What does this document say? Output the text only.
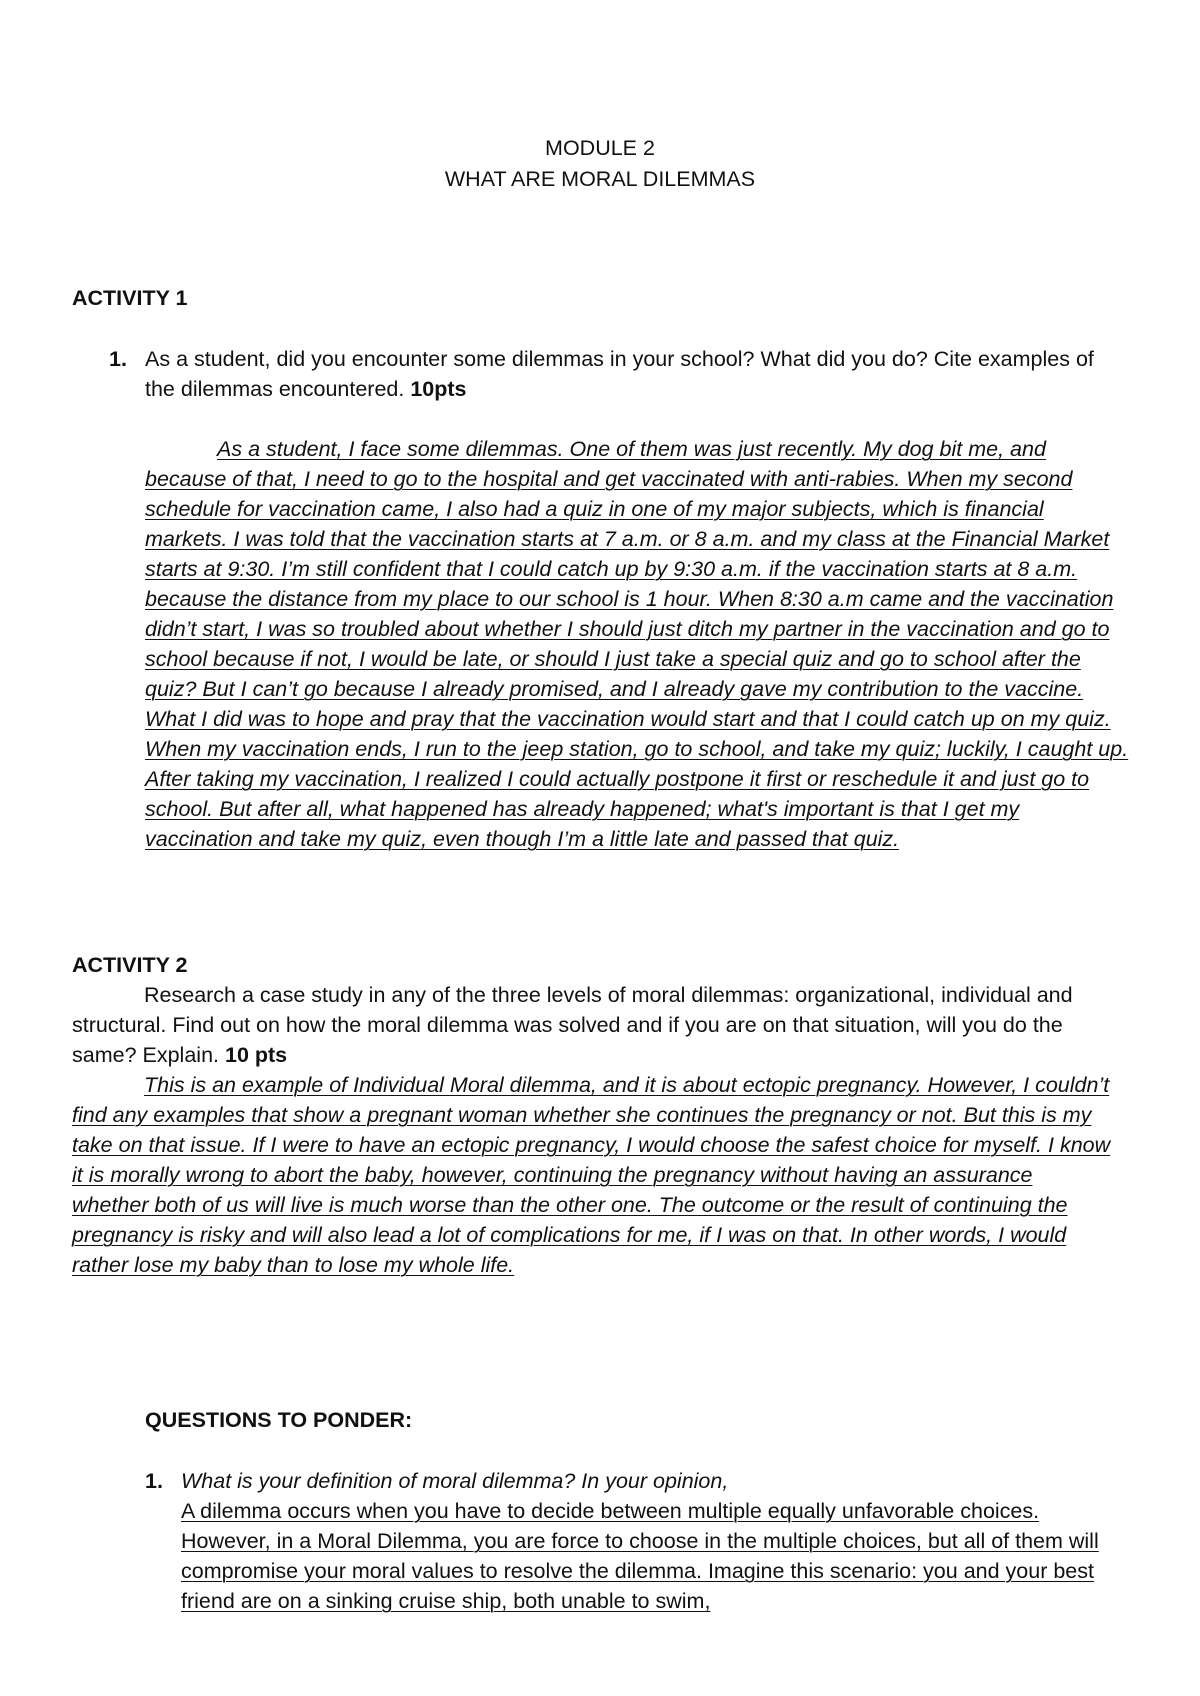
MODULE 2
WHAT ARE MORAL DILEMMAS
ACTIVITY 1
1. As a student, did you encounter some dilemmas in your school? What did you do? Cite examples of the dilemmas encountered. 10pts
As a student, I face some dilemmas. One of them was just recently. My dog bit me, and because of that, I need to go to the hospital and get vaccinated with anti-rabies. When my second schedule for vaccination came, I also had a quiz in one of my major subjects, which is financial markets. I was told that the vaccination starts at 7 a.m. or 8 a.m. and my class at the Financial Market starts at 9:30. I’m still confident that I could catch up by 9:30 a.m. if the vaccination starts at 8 a.m. because the distance from my place to our school is 1 hour. When 8:30 a.m came and the vaccination didn’t start, I was so troubled about whether I should just ditch my partner in the vaccination and go to school because if not, I would be late, or should I just take a special quiz and go to school after the quiz? But I can’t go because I already promised, and I already gave my contribution to the vaccine. What I did was to hope and pray that the vaccination would start and that I could catch up on my quiz. When my vaccination ends, I run to the jeep station, go to school, and take my quiz; luckily, I caught up. After taking my vaccination, I realized I could actually postpone it first or reschedule it and just go to school. But after all, what happened has already happened; what's important is that I get my vaccination and take my quiz, even though I’m a little late and passed that quiz.
ACTIVITY 2
Research a case study in any of the three levels of moral dilemmas: organizational, individual and structural. Find out on how the moral dilemma was solved and if you are on that situation, will you do the same? Explain. 10 pts
This is an example of Individual Moral dilemma, and it is about ectopic pregnancy. However, I couldn’t find any examples that show a pregnant woman whether she continues the pregnancy or not. But this is my take on that issue. If I were to have an ectopic pregnancy, I would choose the safest choice for myself. I know it is morally wrong to abort the baby, however, continuing the pregnancy without having an assurance whether both of us will live is much worse than the other one. The outcome or the result of continuing the pregnancy is risky and will also lead a lot of complications for me, if I was on that. In other words, I would rather lose my baby than to lose my whole life.
QUESTIONS TO PONDER:
1. What is your definition of moral dilemma? In your opinion,
A dilemma occurs when you have to decide between multiple equally unfavorable choices. However, in a Moral Dilemma, you are force to choose in the multiple choices, but all of them will compromise your moral values to resolve the dilemma. Imagine this scenario: you and your best friend are on a sinking cruise ship, both unable to swim,
